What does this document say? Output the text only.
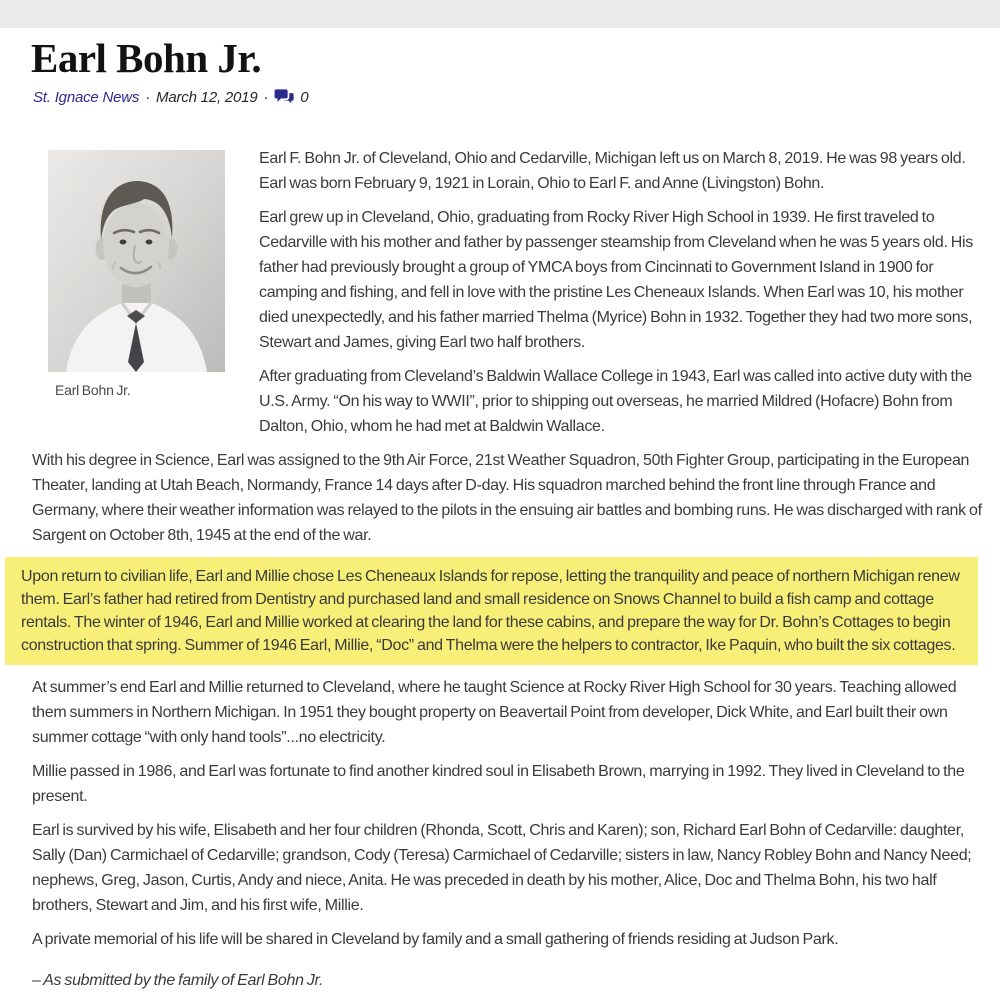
Earl Bohn Jr.
St. Ignace News · March 12, 2019 · 0
Earl Bohn Jr.

Earl F. Bohn Jr. of Cleveland, Ohio and Cedarville, Michigan left us on March 8, 2019. He was 98 years old. Earl was born February 9, 1921 in Lorain, Ohio to Earl F. and Anne (Livingston) Bohn.

Earl grew up in Cleveland, Ohio, graduating from Rocky River High School in 1939. He first traveled to Cedarville with his mother and father by passenger steamship from Cleveland when he was 5 years old. His father had previously brought a group of YMCA boys from Cincinnati to Government Island in 1900 for camping and fishing, and fell in love with the pristine Les Cheneaux Islands. When Earl was 10, his mother died unexpectedly, and his father married Thelma (Myrice) Bohn in 1932. Together they had two more sons, Stewart and James, giving Earl two half brothers.

After graduating from Cleveland’s Baldwin Wallace College in 1943, Earl was called into active duty with the U.S. Army. “On his way to WWII”, prior to shipping out overseas, he married Mildred (Hofacre) Bohn from Dalton, Ohio, whom he had met at Baldwin Wallace.

With his degree in Science, Earl was assigned to the 9th Air Force, 21st Weather Squadron, 50th Fighter Group, participating in the European Theater, landing at Utah Beach, Normandy, France 14 days after D-day. His squadron marched behind the front line through France and Germany, where their weather information was relayed to the pilots in the ensuing air battles and bombing runs. He was discharged with rank of Sargent on October 8th, 1945 at the end of the war.

Upon return to civilian life, Earl and Millie chose Les Cheneaux Islands for repose, letting the tranquility and peace of northern Michigan renew them. Earl’s father had retired from Dentistry and purchased land and small residence on Snows Channel to build a fish camp and cottage rentals. The winter of 1946, Earl and Millie worked at clearing the land for these cabins, and prepare the way for Dr. Bohn’s Cottages to begin construction that spring. Summer of 1946 Earl, Millie, “Doc” and Thelma were the helpers to contractor, Ike Paquin, who built the six cottages.

At summer’s end Earl and Millie returned to Cleveland, where he taught Science at Rocky River High School for 30 years. Teaching allowed them summers in Northern Michigan. In 1951 they bought property on Beavertail Point from developer, Dick White, and Earl built their own summer cottage “with only hand tools”...no electricity.

Millie passed in 1986, and Earl was fortunate to find another kindred soul in Elisabeth Brown, marrying in 1992. They lived in Cleveland to the present.

Earl is survived by his wife, Elisabeth and her four children (Rhonda, Scott, Chris and Karen); son, Richard Earl Bohn of Cedarville: daughter, Sally (Dan) Carmichael of Cedarville; grandson, Cody (Teresa) Carmichael of Cedarville; sisters in law, Nancy Robley Bohn and Nancy Need; nephews, Greg, Jason, Curtis, Andy and niece, Anita. He was preceded in death by his mother, Alice, Doc and Thelma Bohn, his two half brothers, Stewart and Jim, and his first wife, Millie.

A private memorial of his life will be shared in Cleveland by family and a small gathering of friends residing at Judson Park.

– As submitted by the family of Earl Bohn Jr.
